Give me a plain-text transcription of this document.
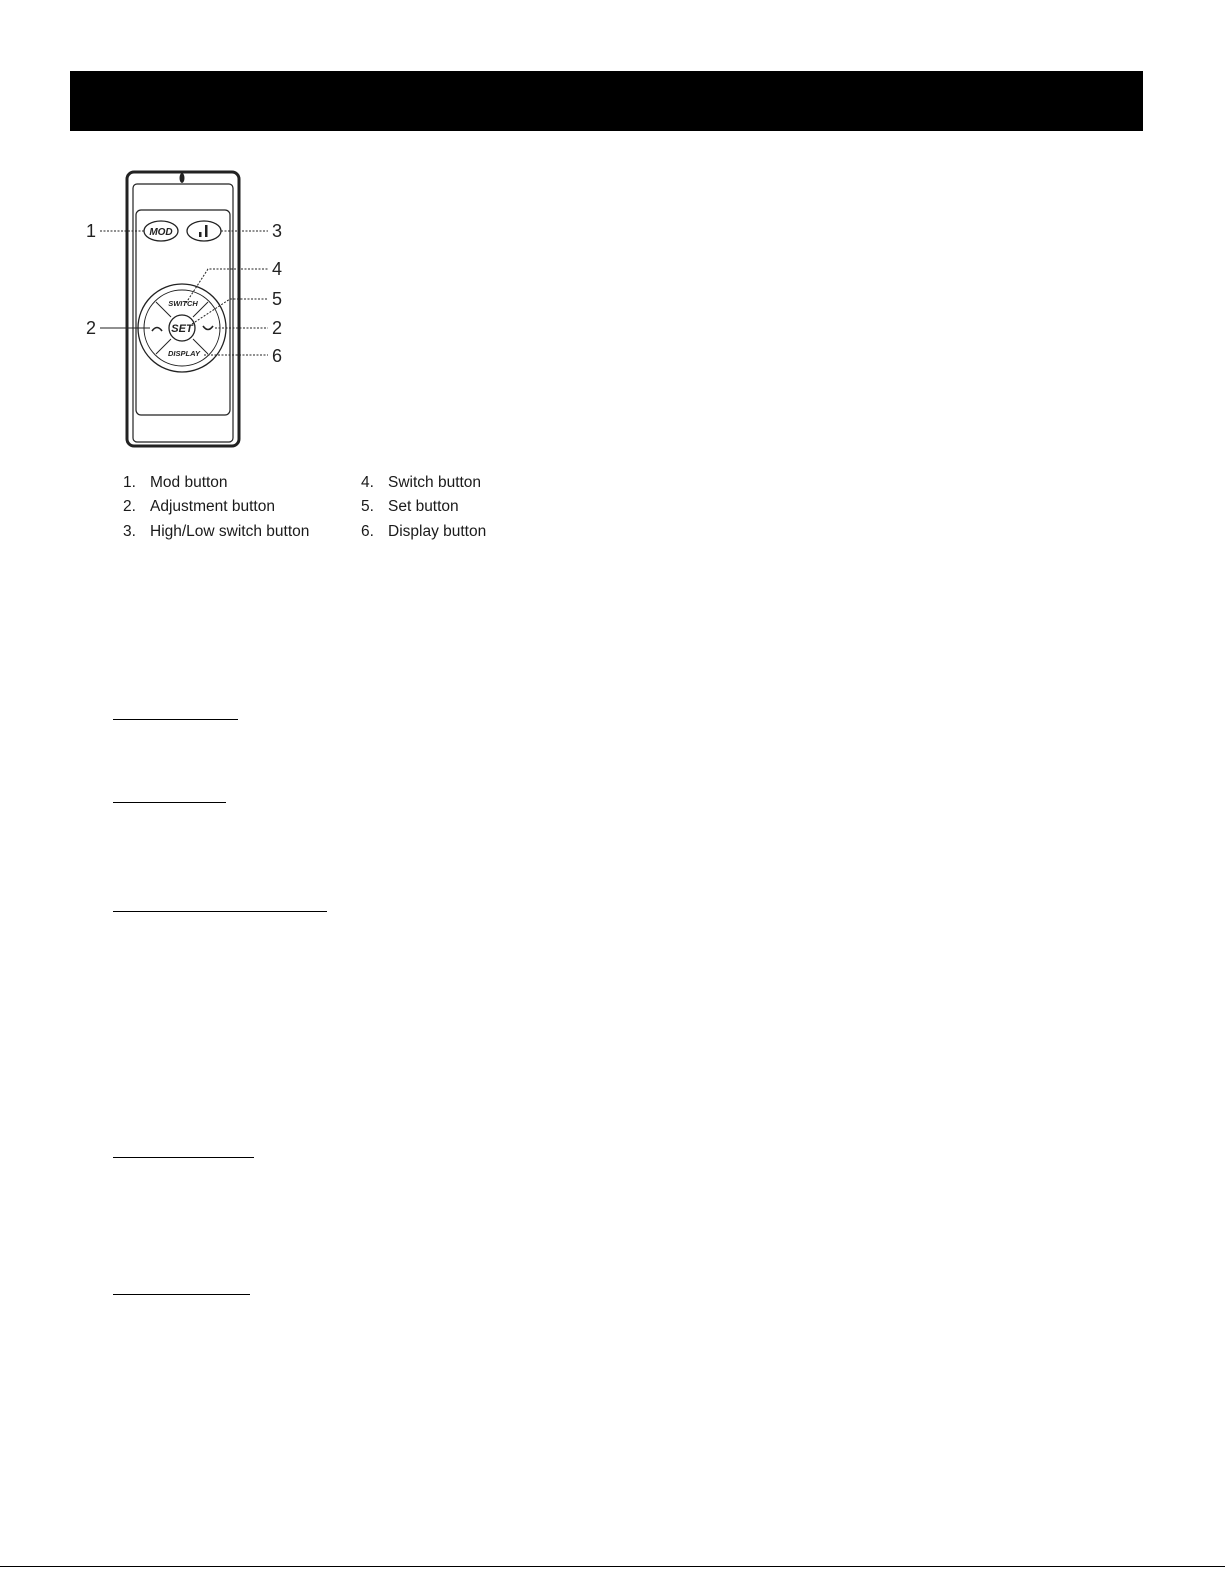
MOD
SET
SWITCH
DISPLAY
1	3
4
5
2	2
6
1. Mod button
2. Adjustment button
3. High/Low switch button
4. Switch button
5. Set button
6. Display button
